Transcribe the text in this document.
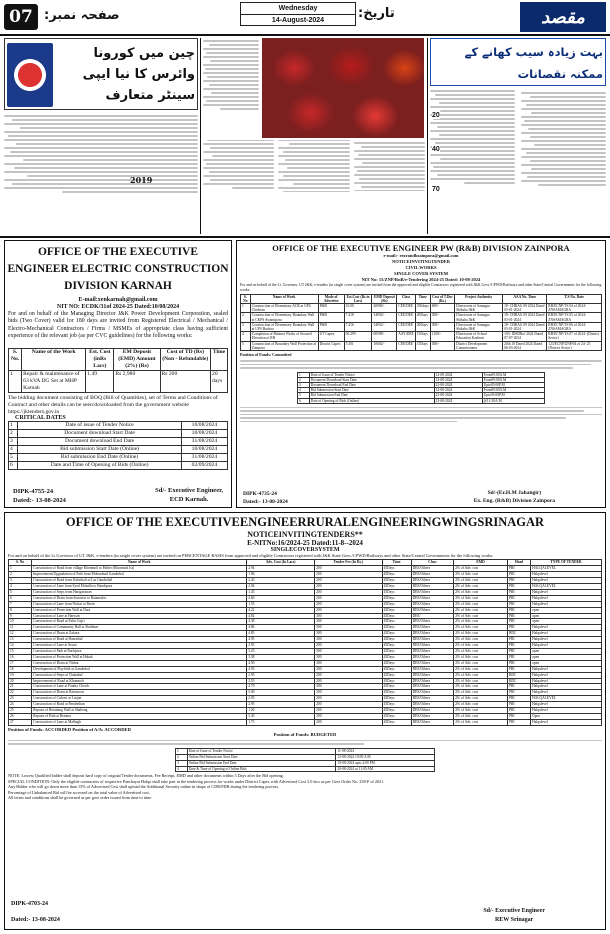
07 صفحہ نمبر:	Wednesday
14-August-2024	تاریخ:	مقصد
چین میں کورونا وائرس کا نیا ایپی سینٹر متعارف
2019
بہت زیادہ سیب کھانے کے ممکنہ نقصانات
20
40
70
OFFICE OF THE EXECUTIVE
ENGINEER ELECTRIC CONSTRUCTION
DIVISION KARNAH
E-mail:xenkarnah@gmail.com
NIT NO: ECDK/31of 2024-25 Dated:10/08/2024
For and on behalf of the Managing Director J&K Power Development Corporation, sealed bids (Two Cover) valid for 180 days are invited from Registered Electrical / Mechanical / Electro-Mechanical Contractors / Firms / MSMEs of appropriate class having sufficient experience of the relevant job (as per CVC guidelines) for the following works:
S. No.	Name of the Work	Est. Cost (inRs Lacs)	EM Deposit (EMD) Amount (2%) (Rs)	Cost of TD (Rs) (Non - Refundable)	Time
1	Repair & maintenance of 63 kVA DG Set at MHP Karnah	1.49	Rs 2,980	Rs 200	20 days
The bidding document consisting of BOQ (Bill of Quantities), set of Terms and Conditions of Contract and other details can be seen/downloaded from the government website https://jktenders.gov.in
CRITICAL DATES
1	Date of issue of Tender Notice	10/08/2024
2	Document download Start Date	10/08/2024
3	Document download End Date	31/08/2024
4	Bid submission Start Date (Online)	10/08/2024
5	Bid submission End Date (Online)	31/08/2024
6	Date and Time of Opening of Bids (Online)	02/09/2024
DIPK-4755-24
Dated:- 13-08-2024
Sd/- Executive Engineer,
ECD Karnah.
OFFICE OF THE EXECUTIVE ENGINEER PW (R&B) DIVISION ZAINPORA
e-mail:- eezrandbzainpora@gmail.com
NOTICEINVITINGTENDER
CIVIL WORKS
SINGLE COVER SYSTEM
NIT No: 15/ZNP/RnB/e-Tendering 2024-25 Dated: 10-08-2024
For and on behalf of the Lt. Governor, UT J&K, e-tenders (in single cover system) are invited from the approved and eligible Contractors registered with J&K Govt./CPWD/Railways and other State/Central Governments for the following works:
S. No	Name of Work	Mode of Advertise	Est.Cost (Rs in Lacs)	EMD Deposit (Rs)	Class	Time	Cost of T.Doc (Rs.)	Project Authority	AAA No. Time	T.S No. Date
1	Construction of Elementary ACR at GPS Chidwan	P&B	10.00	20000/-	CEE/DEE	350days	600/-	Directorate of Samagra Shiksha J&K	18- CHRAG 09 2024 Dated 03-01-2024	RB/ECNP/TS 04 of 2024- ZNSAMAGRA
2	Construction of Elementary Boundary Wall at CKPS Awantipora	P&B	7.418	14836/-	CEE/DEE	20Days	300/-	Directorate of Samagra Shiksha J&K	18- CHRAG 09 2024 Dated 03-01-2024	RB/ECNP/TS 05 of 2024- ZNSAMAGRA
3	Construction of Elementary Boundary Wall at UPS Buchoo	P&B	7.416	14832/-	CEE/DEE	20Days	300/-	Directorate of Samagra Shiksha J&K	18- CHRAG 09 2024 Dated 03-01-2024	RB/ECNP/TS 06 of 2024- ZNSAMAGRA
4	Completion of Balance Works of Secured Elevation of RB	UT Capex	50.299	60598/-	AAY/DEE	15Days	1100/-	Directorate of School Education Kashmir	103- IDSDRof 2024 Dated 07-07-2024	RB/ECNP/TS 07 of 2024- (District Sector)
5	Construction of Boundary Wall Protection at Zainpora	District Capex	5.301	10602/-	CEE/DEE	15Days	300/-	District Development Commissioner	20th 10 Dated 2024 Dated 06-03-2024	123/ECNP/ZNP/04 of 24- 25 (District Sector)
Position of Funds: Committed
1	Date of Issue of Tender Notice	12-08-2024	From09:00A.M
2	Document Download Start Date	12-08-2024	From09:00A.M
3	Document Download End Date	22-08-2024	Upto05:00P.M
4	Bid Submission Start Date	12-08-2024	From09:00A.M
5	Bid Submission End Date	22-08-2024	Upto05:00P.M
6	Date of Opening of Bids (Online)	23-08-2024	@11:30A.M
DIPK-4735-24
Dated:- 13-08-2024
Sd/-(Er.H.M Jahangir)
Ex. Eng. (R&B) Division Zainpora
OFFICE OF THE EXECUTIVEENGINEERRURALENGINEERINGWINGSRINAGAR
NOTICEINVITINGTENDERS**
E-NITNo:16/2024-25 Dated:11-8--2024
SINGLECOVERSYSTEM
For and on behalf of the Lt Governor of UT J&K, e-tenders (in single cover system) are invited on PERCENTAGE BASIS from approved and eligible Contractors registered with J&K State Govt./CPWD/Railways and other State/Central Governments for the following works:
S. No	Name of Work	Adv. Cost (In Lacs)	Tender Fee (In Rs.)	Time	Class	EMD	Head	TYPE OF TENDER
1	Construction of Road from village Khonmoh to Pather (Khonmoh Ist)	2.94	200	45Days	DEE/Others	2% of Adv. cost	PRI	HALQALEVEL
2	Improvement/Upgradation of Path from Moharabad Ganderbal	1.96	200	45Days	DEE/Others	2% of Adv. cost	PRI	Halqalevel
3	Construction of Road from Kidarkuli to Lar Ganderbal	2.43	200	45Days	DEE/Others	2% of Adv. cost	PRI	Halqalevel
4	Construction of Lane from Syed Mohalla to Bandipora	2.94	200	45Days	DEE/Others	2% of Adv. cost	PRI	HALQALEVEL
5	Construction of Steps from Hariganiwan	1.43	200	45Days	DEE/Others	2% of Adv. cost	PRI	Halqalevel
6	Construction of Drain from Sonawar to Batamaloo	2.60	200	45Days	DEE/Others	2% of Adv. cost	PRI	Halqalevel
7	Construction of Lane from Nishat to Brein	1.55	200	45Days	DEE/Others	2% of Adv. cost	PRI	Halqalevel
8	Construction of Protection Wall at Dara	4.22	200	45Days	DEE/Others	2% of Adv. cost	PRI	open
9	Construction of Lane at Harwan	4.82	300	45Days	DEE/	2% of Adv. cost	PRI	open
10	Construction of Road at Fakir Gujri	4.38	300	45Days	DEE/Others	2% of Adv. cost	PRI	open
11	Construction of Community Hall at Shalimar	4.86	300	45Days	DEE/Others	2% of Adv. cost	PRI	Halqalevel
12	Construction of Drain at Zakura	4.85	300	45Days	DEE/Others	2% of Adv. cost	BDC	Halqalevel
13	Construction of Road at Hazratbal	4.95	300	45Days	DEE/Others	2% of Adv. cost	PRI	Halqalevel
14	Construction of Lane at Soura	2.93	200	45Days	DEE/Others	2% of Adv. cost	PRI	Halqalevel
15	Construction of Path at Buchpora	3.25	300	45Days	DEE/Others	2% of Adv. cost	PRI	open
16	Construction of Protection Wall at Habak	3.38	300	45Days	DEE/Others	2% of Adv. cost	PRI	open
17	Construction of Drain at Nishat	4.50	300	45Days	DEE/Others	2% of Adv. cost	PRI	open
18	Development of Playfield at Ganderbal	4.93	300	45Days	DEE/Others	2% of Adv. cost	PRI	Halqalevel
19	Construction of Steps at Chattabal	2.95	200	45Days	DEE/Others	2% of Adv. cost	BDC	Halqalevel
20	Improvement of Road at Khonmoh	2.55	200	45Days	DEE/Others	2% of Adv. cost	BDC	Halqalevel
21	Construction of Lane at Pantha Chowk	4.70	300	45Days	DEE/Others	2% of Adv. cost	PRI	Halqalevel
22	Construction of Drain at Rainawari	5.00	300	45Days	DEE/Others	2% of Adv. cost	PRI	Halqalevel
23	Construction of Culvert at Lasjan	2.95	200	45Days	DEE/Others	2% of Adv. cost	PRI	HALQALEVEL
24	Construction of Road at Pandrethan	2.95	200	45Days	DEE/Others	2% of Adv. cost	PRI	Halqalevel
25	Repairs of Retaining Wall at Shalteng	1.20	200	45Days	DEE/Others	2% of Adv. cost	PRI	Halqalevel
26	Repairs of Path at Bemina	3.45	300	45Days	DEE/Others	2% of Adv. cost	PRI	Open
27	Construction of Lane at Malbagh	1.75	200	45Days	DEE/Others	2% of Adv. cost	PRI	Halqalevel
Position of Funds: ACCORDED Position of A/A: ACCORDED
Position of Funds: BUDGETED
1	Date of Issue of Tender Notice	11-08-2024
2	Online Bid Submission Start Date	12-08-2024 10:00 A.M
3	Online Bid Submission End Date	19-08-2024 upto 4:00 PM
4	Date & Time of Opening of Online Bids	20-08-2024 at 11:00 AM
NOTE: Lowest Qualified bidder shall deposit hard copy of original Tender documents, Fee Receipt, EMD and other documents within 5 Days after the Bid opening.
SPECIAL CONDITION: Only the eligible contractors of respective Panchayat Halqa shall take part in the tendering process for works under District Capex with Advertised Cost 3.0 lacs as per Govt Order No. 258-F of 2021.
Any Bidder who will go down more than 15% of Advertised Cost shall upload the Additional Security online in shape of CDR/FDR during the tendering process.
Percentage of Unbalanced Bid will be accessed on the total value of Advertised cost.
All terms and conditions shall be governed as per govt order issued from time to time.
DIPK-4703-24
Dated:- 13-08-2024
Sd/- Executive Engineer
REW Srinagar
